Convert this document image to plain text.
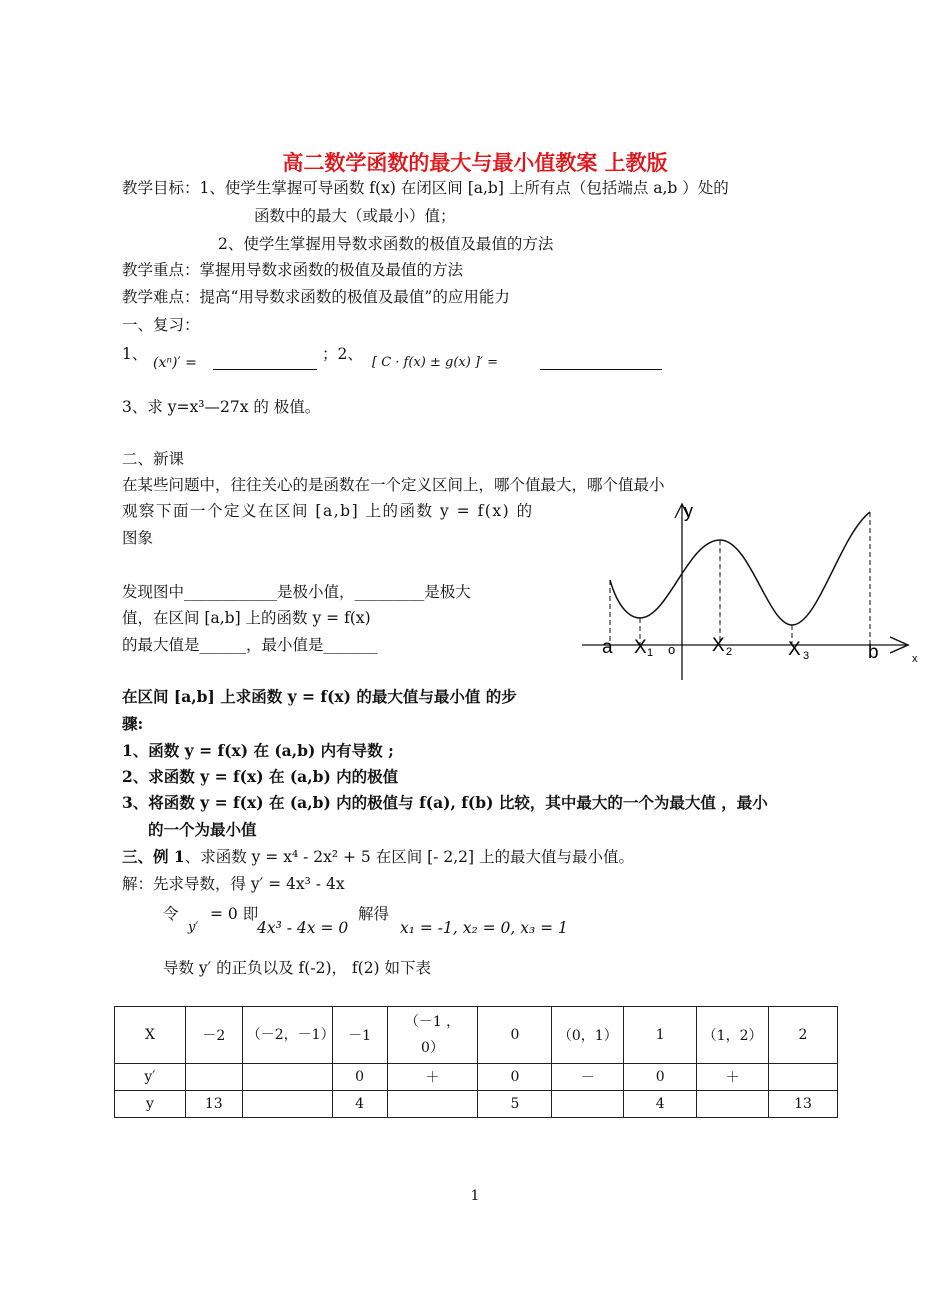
高二数学函数的最大与最小值教案 上教版
教学目标：1、使学生掌握可导函数 f(x) 在闭区间 [a,b] 上所有点（包括端点 a,b ）处的
函数中的最大（或最小）值；
2、使学生掌握用导数求函数的极值及最值的方法
教学重点：掌握用导数求函数的极值及最值的方法
教学难点：提高“用导数求函数的极值及最值”的应用能力
一、复习：
1、 (xⁿ)′ =	；2、 [ C · f(x) ± g(x) ]′ =
3、求 y=x³—27x 的 极值。
二、新课
在某些问题中，往往关心的是函数在一个定义区间上，哪个值最大，哪个值最小
观察下面一个定义在区间 [a,b] 上的函数 y = f(x) 的
图象
发现图中____________是极小值，_________是极大
值，在区间 [a,b] 上的函数 y = f(x)
的最大值是______，最小值是_______
y
x
o
a X 1	X 2	X 3	b
在区间 [a,b] 上求函数 y = f(x) 的最大值与最小值 的步
骤:
1、函数 y = f(x) 在 (a,b) 内有导数 ;
2、求函数 y = f(x) 在 (a,b) 内的极值
3、将函数 y = f(x) 在 (a,b) 内的极值与 f(a), f(b) 比较，其中最大的一个为最大值 ，最小
的一个为最小值
三、例 1、求函数 y = x⁴ - 2x² + 5 在区间 [- 2,2] 上的最大值与最小值。
解：先求导数，得 y′ = 4x³ - 4x
令
y′
= 0 即
4x³ - 4x = 0
解得
x₁ = -1, x₂ = 0, x₃ = 1
导数 y′ 的正负以及 f(-2)， f(2) 如下表
X	－2	（－2，－1）	－1	（－1 ，0）	0	（0，1）	1	（1，2）	2
y′			0	＋	0	－	0	＋	
y	13		4		5		4		13
1
